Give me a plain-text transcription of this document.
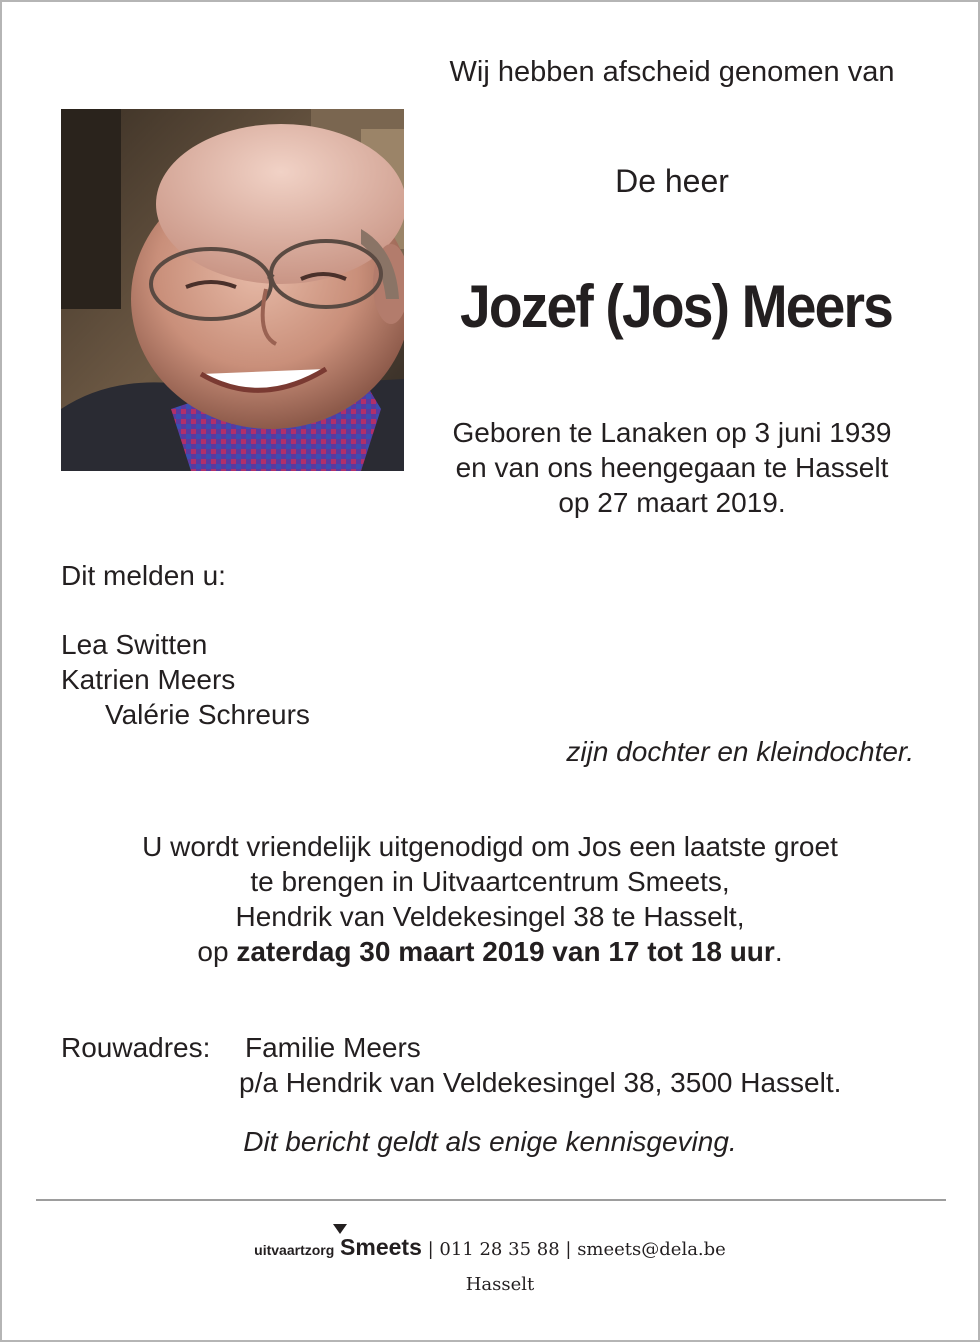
Wij hebben afscheid genomen van
De heer
Jozef (Jos) Meers
Geboren te Lanaken op 3 juni 1939
en van ons heengegaan te Hasselt
op 27 maart 2019.
Dit melden u:
Lea Switten
Katrien Meers
Valérie Schreurs
zijn dochter en kleindochter.
U wordt vriendelijk uitgenodigd om Jos een laatste groet
te brengen in Uitvaartcentrum Smeets,
Hendrik van Veldekesingel 38 te Hasselt,
op zaterdag 30 maart 2019 van 17 tot 18 uur.
Rouwadres: Familie Meers
p/a Hendrik van Veldekesingel 38, 3500 Hasselt.
Dit bericht geldt als enige kennisgeving.
uitvaartzorg Smeets | 011 28 35 88 | smeets@dela.be
Hasselt
